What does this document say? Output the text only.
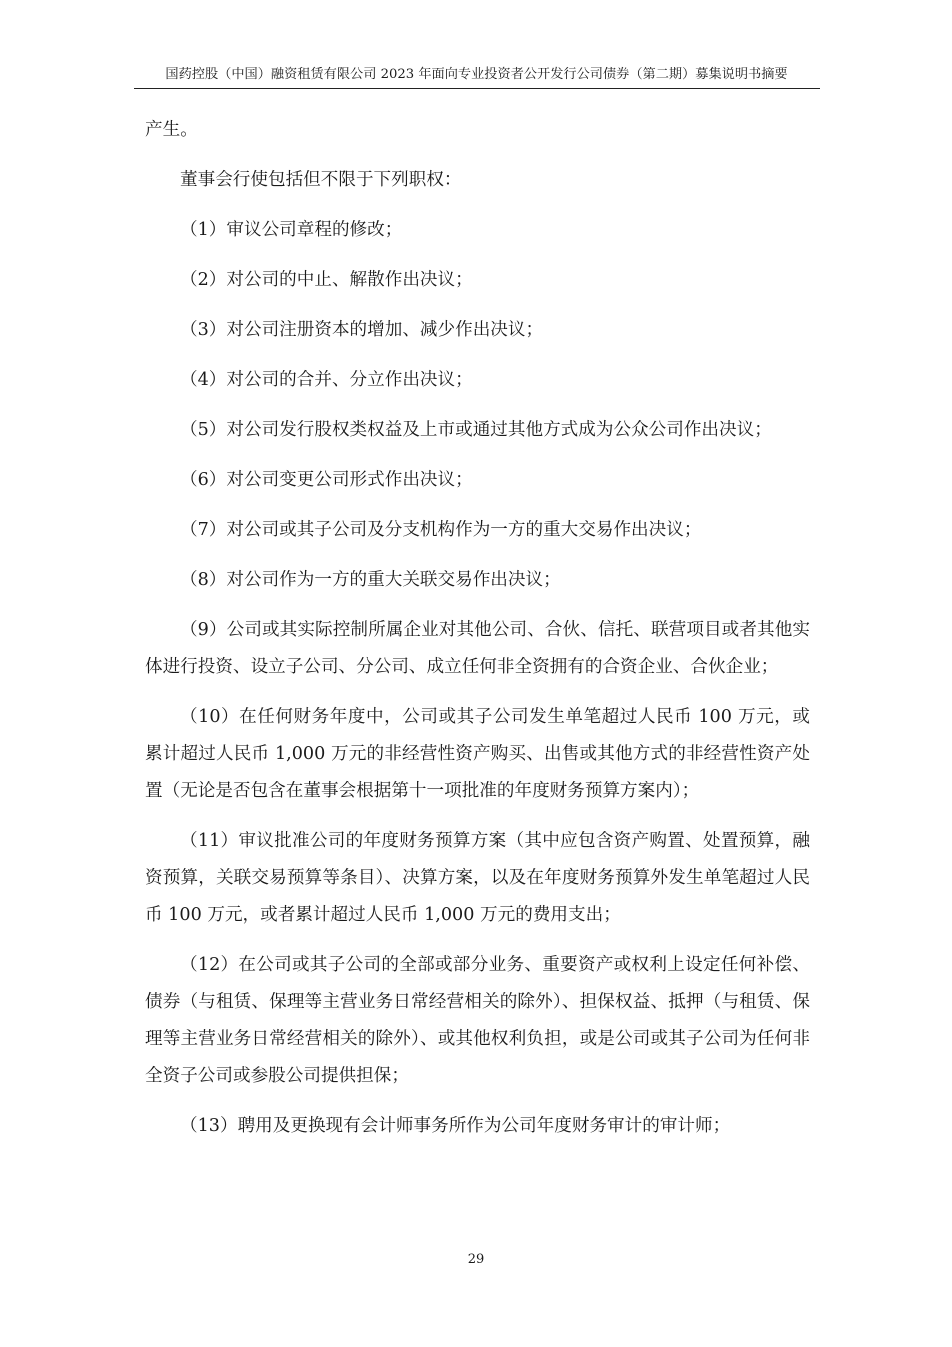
国药控股（中国）融资租赁有限公司 2023 年面向专业投资者公开发行公司债券（第二期）募集说明书摘要

产生。

董事会行使包括但不限于下列职权：

（1）审议公司章程的修改；

（2）对公司的中止、解散作出决议；

（3）对公司注册资本的增加、减少作出决议；

（4）对公司的合并、分立作出决议；

（5）对公司发行股权类权益及上市或通过其他方式成为公众公司作出决议；

（6）对公司变更公司形式作出决议；

（7）对公司或其子公司及分支机构作为一方的重大交易作出决议；

（8）对公司作为一方的重大关联交易作出决议；

（9）公司或其实际控制所属企业对其他公司、合伙、信托、联营项目或者其他实体进行投资、设立子公司、分公司、成立任何非全资拥有的合资企业、合伙企业；

（10）在任何财务年度中，公司或其子公司发生单笔超过人民币 100 万元，或累计超过人民币 1,000 万元的非经营性资产购买、出售或其他方式的非经营性资产处置（无论是否包含在董事会根据第十一项批准的年度财务预算方案内）；

（11）审议批准公司的年度财务预算方案（其中应包含资产购置、处置预算，融资预算，关联交易预算等条目）、决算方案，以及在年度财务预算外发生单笔超过人民币 100 万元，或者累计超过人民币 1,000 万元的费用支出；

（12）在公司或其子公司的全部或部分业务、重要资产或权利上设定任何补偿、债券（与租赁、保理等主营业务日常经营相关的除外）、担保权益、抵押（与租赁、保理等主营业务日常经营相关的除外）、或其他权利负担，或是公司或其子公司为任何非全资子公司或参股公司提供担保；

（13）聘用及更换现有会计师事务所作为公司年度财务审计的审计师；

29
